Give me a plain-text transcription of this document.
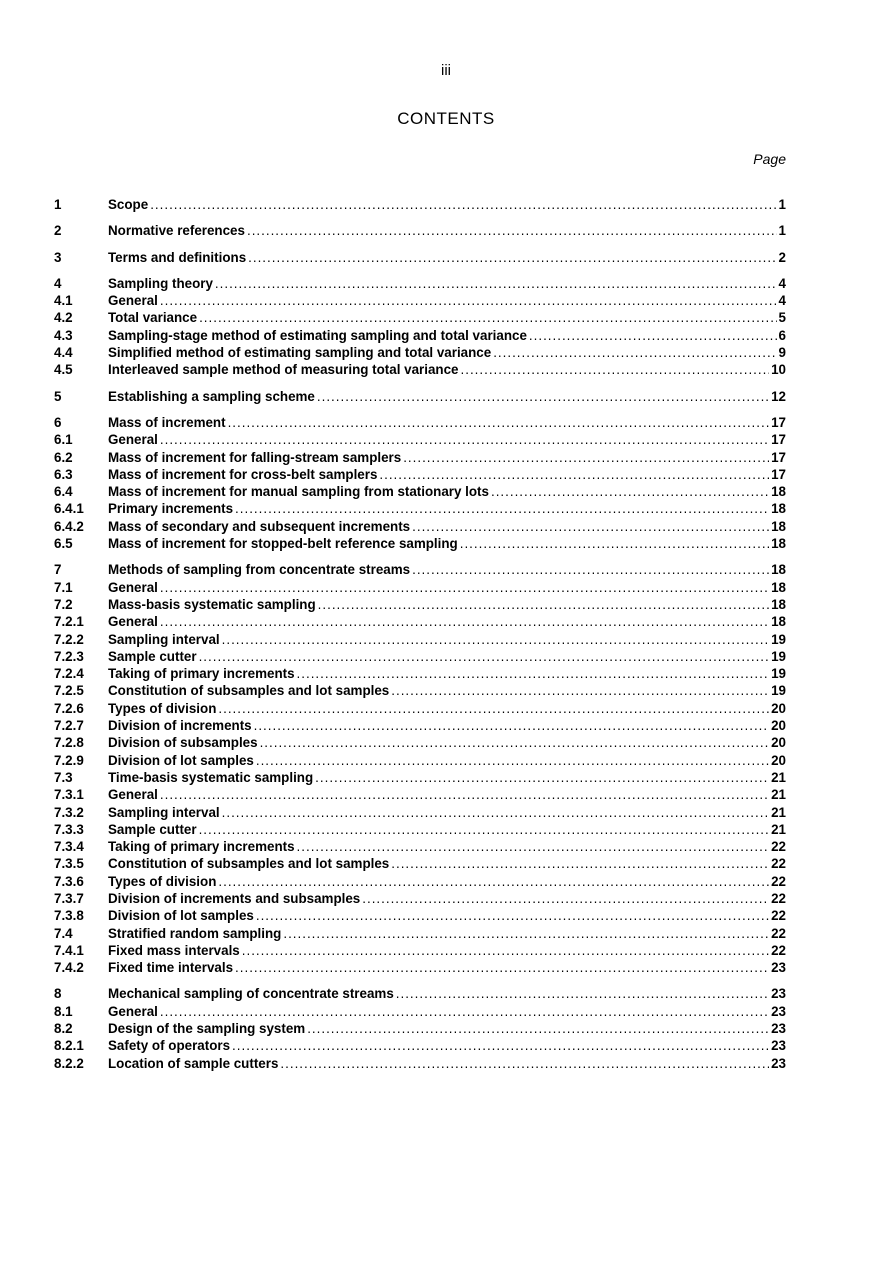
iii
CONTENTS
Page
1	Scope .....	1
2	Normative references .....	1
3	Terms and definitions .....	2
4	Sampling theory .....	4
4.1	General .....	4
4.2	Total variance .....	5
4.3	Sampling-stage method of estimating sampling and total variance .....	6
4.4	Simplified method of estimating sampling and total variance .....	9
4.5	Interleaved sample method of measuring total variance .....	10
5	Establishing a sampling scheme .....	12
6	Mass of increment .....	17
6.1	General .....	17
6.2	Mass of increment for falling-stream samplers .....	17
6.3	Mass of increment for cross-belt samplers .....	17
6.4	Mass of increment for manual sampling from stationary lots .....	18
6.4.1	Primary increments .....	18
6.4.2	Mass of secondary and subsequent increments .....	18
6.5	Mass of increment for stopped-belt reference sampling .....	18
7	Methods of sampling from concentrate streams .....	18
7.1	General .....	18
7.2	Mass-basis systematic sampling .....	18
7.2.1	General .....	18
7.2.2	Sampling interval .....	19
7.2.3	Sample cutter .....	19
7.2.4	Taking of primary increments .....	19
7.2.5	Constitution of subsamples and lot samples .....	19
7.2.6	Types of division .....	20
7.2.7	Division of increments .....	20
7.2.8	Division of subsamples .....	20
7.2.9	Division of lot samples .....	20
7.3	Time-basis systematic sampling .....	21
7.3.1	General .....	21
7.3.2	Sampling interval .....	21
7.3.3	Sample cutter .....	21
7.3.4	Taking of primary increments .....	22
7.3.5	Constitution of subsamples and lot samples .....	22
7.3.6	Types of division .....	22
7.3.7	Division of increments and subsamples .....	22
7.3.8	Division of lot samples .....	22
7.4	Stratified random sampling .....	22
7.4.1	Fixed mass intervals .....	22
7.4.2	Fixed time intervals .....	23
8	Mechanical sampling of concentrate streams .....	23
8.1	General .....	23
8.2	Design of the sampling system .....	23
8.2.1	Safety of operators .....	23
8.2.2	Location of sample cutters .....	23
